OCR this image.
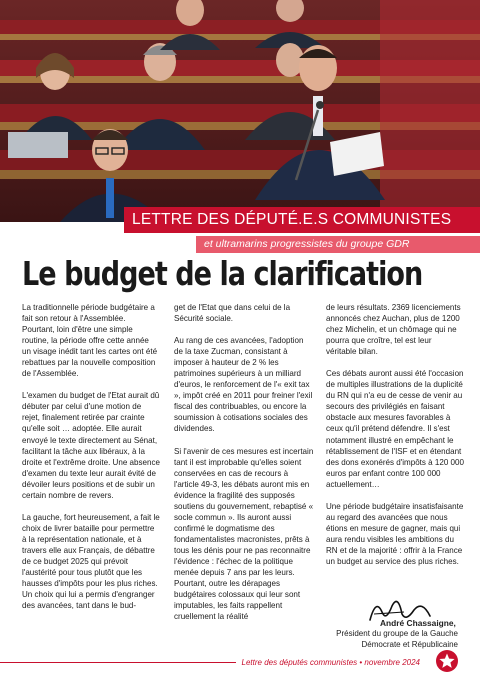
LETTRE DES DÉPUTÉ.E.S COMMUNISTES
et ultramarins progressistes du groupe GDR
Le budget de la clarification

La traditionnelle période budgétaire a fait son retour à l'Assemblée. Pourtant, loin d'être une simple routine, la période offre cette année un visage inédit tant les cartes ont été rebattues par la nouvelle composition de l'Assemblée.

L'examen du budget de l'Etat aurait dû débuter par celui d'une motion de rejet, finalement retirée par crainte qu'elle soit … adoptée. Elle aurait envoyé le texte directement au Sénat, facilitant la tâche aux libéraux, à la droite et l'extrême droite. Une absence d'examen du texte leur aurait évité de dévoiler leurs positions et de subir un certain nombre de revers.

La gauche, fort heureusement, a fait le choix de livrer bataille pour permettre à la représentation nationale, et à travers elle aux Français, de débattre de ce budget 2025 qui prévoit l'austérité pour tous plutôt que les hausses d'impôts pour les plus riches. Un choix qui lui a permis d'engranger des avancées, tant dans le bud-

get de l'Etat que dans celui de la Sécurité sociale.

Au rang de ces avancées, l'adoption de la taxe Zucman, consistant à imposer à hauteur de 2 % les patrimoines supérieurs à un milliard d'euros, le renforcement de l'« exit tax », impôt créé en 2011 pour freiner l'exil fiscal des contribuables, ou encore la soumission à cotisations sociales des dividendes.

Si l'avenir de ces mesures est incertain tant il est improbable qu'elles soient conservées en cas de recours à l'article 49-3, les débats auront mis en évidence la fragilité des supposés soutiens du gouvernement, rebaptisé « socle commun ». Ils auront aussi confirmé le dogmatisme des fondamentalistes macronistes, prêts à tous les dénis pour ne pas reconnaitre l'évidence : l'échec de la politique menée depuis 7 ans par les leurs. Pourtant, outre les dérapages budgétaires colossaux qui leur sont imputables, les faits rappellent cruellement la réalité

de leurs résultats. 2369 licenciements annoncés chez Auchan, plus de 1200 chez Michelin, et un chômage qui ne pourra que croître, tel est leur véritable bilan.

Ces débats auront aussi été l'occasion de multiples illustrations de la duplicité du RN qui n'a eu de cesse de venir au secours des privilégiés en faisant obstacle aux mesures favorables à ceux qu'il prétend défendre. Il s'est notamment illustré en empêchant le rétablissement de l'ISF et en étendant des dons exonérés d'impôts à 120 000 euros par enfant contre 100 000 actuellement…

Une période budgétaire insatisfaisante au regard des avancées que nous étions en mesure de gagner, mais qui aura rendu visibles les ambitions du RN et de la majorité : offrir à la France un budget au service des plus riches.

André Chassaigne,
Président du groupe de la Gauche
Démocrate et Républicaine
Lettre des députés communistes • novembre 2024
